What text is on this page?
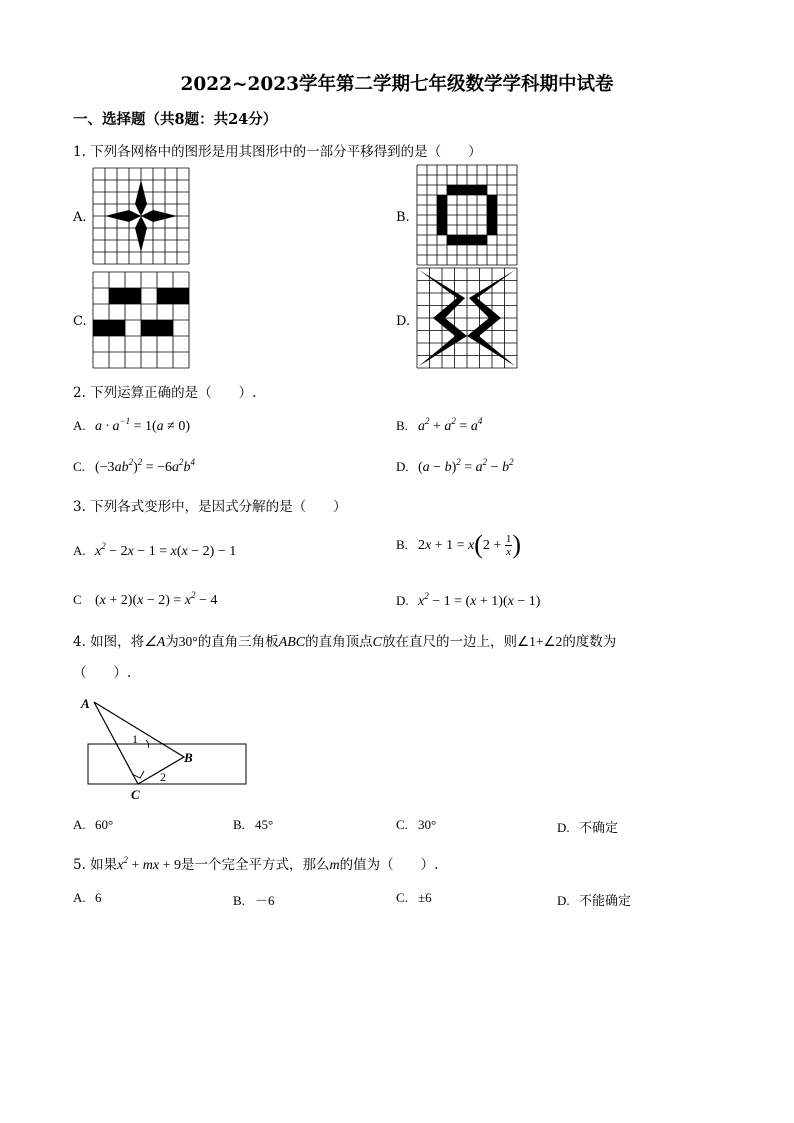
2022~2023学年第二学期七年级数学学科期中试卷
一、选择题（共8题：共24分）
1. 下列各网格中的图形是用其图形中的一部分平移得到的是（　　）
A.	B.
C.	D.
2. 下列运算正确的是（　　）.
A. $a \cdot a^{-1} = 1(a \ne 0)$	B. $a^2 + a^2 = a^4$
C. $(-3ab^2)^2 = -6a^2b^4$	D. $(a - b)^2 = a^2 - b^2$
3. 下列各式变形中，是因式分解的是（　　）
A. $x^2 - 2x - 1 = x(x - 2) - 1$	B. $2x + 1 = x(2 + \frac{1}{x}$ )
C $(x + 2)(x - 2) = x^2 - 4$	D. $x^2 - 1 = (x + 1)(x - 1)$
4. 如图，将∠A为30°的直角三角板ABC的直角顶点C放在直尺的一边上，则∠1+∠2的度数为
（　　）.
A
B
C
1
2
A. 60°	B. 45°	C. 30°	D. 不确定
5. 如果$x^2$ + mx + 9是一个完全平方式，那么m的值为（　　）.
A. 6	B. －6	C. ±6	D. 不能确定
